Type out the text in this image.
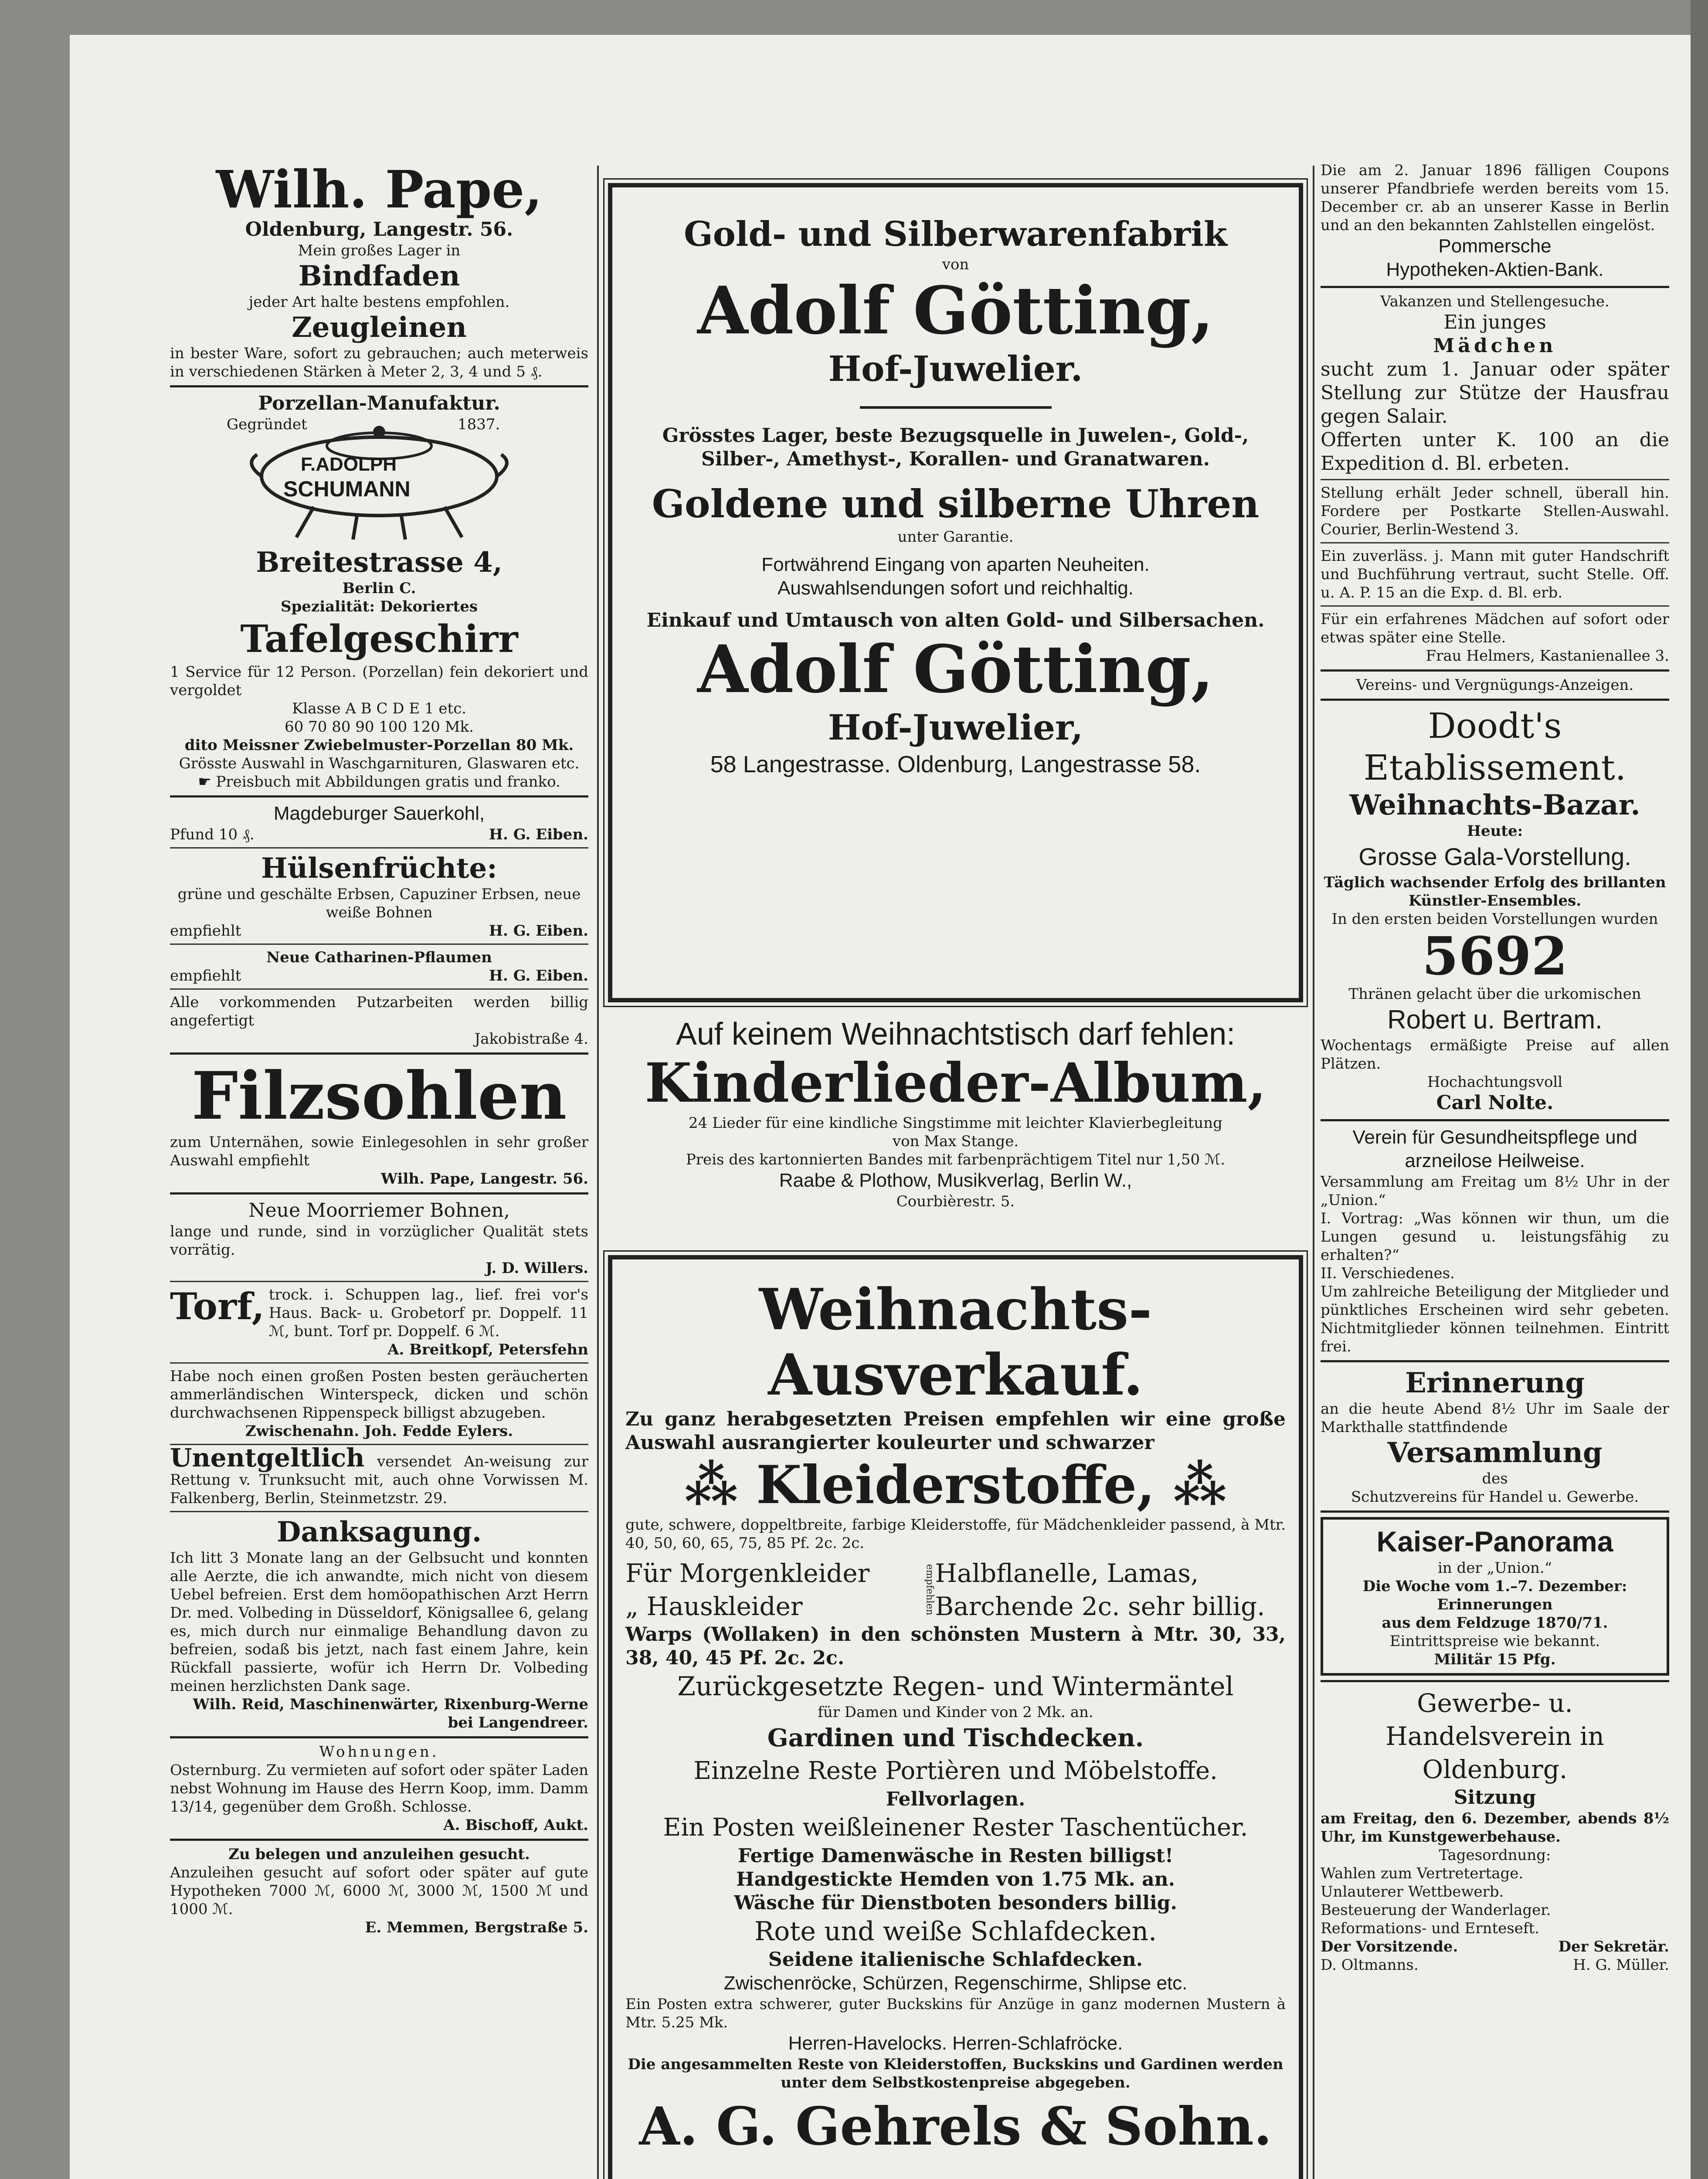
Wilh. Pape,

Oldenburg, Langestr. 56.

Mein großes Lager in

Bindfaden

jeder Art halte bestens empfohlen.

Zeugleinen

in bester Ware, sofort zu gebrauchen; auch meterweis in verschiedenen Stärken à Meter 2, 3, 4 und 5 ₰.

Porzellan-Manufaktur.

Gegründet	1837.
F.ADOLPH
SCHUMANN

Breitestrasse 4,

Berlin C.

Spezialität: Dekoriertes

Tafelgeschirr

1 Service für 12 Person. (Porzellan) fein dekoriert und vergoldet

Klasse A B C D E 1 etc.

60 70 80 90 100 120 Mk.

dito Meissner Zwiebelmuster-Porzellan 80 Mk.

Grösste Auswahl in Waschgarnituren, Glaswaren etc.

☛ Preisbuch mit Abbildungen gratis und franko.

Magdeburger Sauerkohl,

Pfund 10 ₰.	H. G. Eiben.

Hülsenfrüchte:

grüne und geschälte Erbsen, Capuziner Erbsen, neue weiße Bohnen

empfiehlt	H. G. Eiben.

Neue Catharinen-Pflaumen

empfiehlt	H. G. Eiben.

Alle vorkommenden Putzarbeiten werden billig angefertigt

Jakobistraße 4.

Filzsohlen

zum Unternähen, sowie Einlegesohlen in sehr großer Auswahl empfiehlt

Wilh. Pape, Langestr. 56.

Neue Moorriemer Bohnen,

lange und runde, sind in vorzüglicher Qualität stets vorrätig.

J. D. Willers.

Torf, trock. i. Schuppen lag., lief. frei vor's Haus. Back- u. Grobetorf pr. Doppelf. 11 ℳ, bunt. Torf pr. Doppelf. 6 ℳ.

A. Breitkopf, Petersfehn

Habe noch einen großen Posten besten geräucherten ammerländischen Winterspeck, dicken und schön durchwachsenen Rippenspeck billigst abzugeben.

Zwischenahn. Joh. Fedde Eylers.

Unentgeltlich versendet An-weisung zur Rettung v. Trunksucht mit, auch ohne Vorwissen M. Falkenberg, Berlin, Steinmetzstr. 29.

Danksagung.

Ich litt 3 Monate lang an der Gelbsucht und konnten alle Aerzte, die ich anwandte, mich nicht von diesem Uebel befreien. Erst dem homöopathischen Arzt Herrn Dr. med. Volbeding in Düsseldorf, Königsallee 6, gelang es, mich durch nur einmalige Behandlung davon zu befreien, sodaß bis jetzt, nach fast einem Jahre, kein Rückfall passierte, wofür ich Herrn Dr. Volbeding meinen herzlichsten Dank sage.

Wilh. Reid, Maschinenwärter, Rixenburg-Werne bei Langendreer.

Wohnungen.

Osternburg. Zu vermieten auf sofort oder später Laden nebst Wohnung im Hause des Herrn Koop, imm. Damm 13/14, gegenüber dem Großh. Schlosse.

A. Bischoff, Aukt.

Zu belegen und anzuleihen gesucht.

Anzuleihen gesucht auf sofort oder später auf gute Hypotheken 7000 ℳ, 6000 ℳ, 3000 ℳ, 1500 ℳ und 1000 ℳ.

E. Memmen, Bergstraße 5.

Gold- und Silberwarenfabrik

von

Adolf Götting,

Hof-Juwelier.

Grösstes Lager, beste Bezugsquelle in Juwelen-, Gold-, Silber-, Amethyst-, Korallen- und Granatwaren.

Goldene und silberne Uhren

unter Garantie.

Fortwährend Eingang von aparten Neuheiten.

Auswahlsendungen sofort und reichhaltig.

Einkauf und Umtausch von alten Gold- und Silbersachen.

Adolf Götting,

Hof-Juwelier,

58 Langestrasse. Oldenburg, Langestrasse 58.

Auf keinem Weihnachtstisch darf fehlen:

Kinderlieder-Album,

24 Lieder für eine kindliche Singstimme mit leichter Klavierbegleitung

von Max Stange.

Preis des kartonnierten Bandes mit farbenprächtigem Titel nur 1,50 ℳ.

Raabe & Plothow, Musikverlag, Berlin W.,

Courbièrestr. 5.

Weihnachts-Ausverkauf.

Zu ganz herabgesetzten Preisen empfehlen wir eine große Auswahl ausrangierter kouleurter und schwarzer

⁂ Kleiderstoffe, ⁂

gute, schwere, doppeltbreite, farbige Kleiderstoffe, für Mädchenkleider passend, à Mtr. 40, 50, 60, 65, 75, 85 Pf. 2c. 2c.

Für Morgenkleider

„ Hauskleider	empfehlen Halbflanelle, Lamas,

Barchende 2c. sehr billig.

Warps (Wollaken) in den schönsten Mustern à Mtr. 30, 33, 38, 40, 45 Pf. 2c. 2c.

Zurückgesetzte Regen- und Wintermäntel

für Damen und Kinder von 2 Mk. an.

Gardinen und Tischdecken.

Einzelne Reste Portièren und Möbelstoffe.

Fellvorlagen.

Ein Posten weißleinener Rester Taschentücher.

Fertige Damenwäsche in Resten billigst!

Handgestickte Hemden von 1.75 Mk. an.

Wäsche für Dienstboten besonders billig.

Rote und weiße Schlafdecken.

Seidene italienische Schlafdecken.

Zwischenröcke, Schürzen, Regenschirme, Shlipse etc.

Ein Posten extra schwerer, guter Buckskins für Anzüge in ganz modernen Mustern à Mtr. 5.25 Mk.

Herren-Havelocks. Herren-Schlafröcke.

Die angesammelten Reste von Kleiderstoffen, Buckskins und Gardinen werden unter dem Selbstkostenpreise abgegeben.

A. G. Gehrels & Sohn.

Die am 2. Januar 1896 fälligen Coupons unserer Pfandbriefe werden bereits vom 15. December cr. ab an unserer Kasse in Berlin und an den bekannten Zahlstellen eingelöst.

Pommersche

Hypotheken-Aktien-Bank.

Vakanzen und Stellengesuche.

Ein junges

Mädchen

sucht zum 1. Januar oder später Stellung zur Stütze der Hausfrau gegen Salair.

Offerten unter K. 100 an die Expedition d. Bl. erbeten.

Stellung erhält Jeder schnell, überall hin. Fordere per Postkarte Stellen-Auswahl. Courier, Berlin-Westend 3.

Ein zuverläss. j. Mann mit guter Handschrift und Buchführung vertraut, sucht Stelle. Off. u. A. P. 15 an die Exp. d. Bl. erb.

Für ein erfahrenes Mädchen auf sofort oder etwas später eine Stelle.

Frau Helmers, Kastanienallee 3.

Vereins- und Vergnügungs-Anzeigen.

Doodt's Etablissement.

Weihnachts-Bazar.

Heute:

Grosse Gala-Vorstellung.

Täglich wachsender Erfolg des brillanten Künstler-Ensembles.

In den ersten beiden Vorstellungen wurden

5692

Thränen gelacht über die urkomischen

Robert u. Bertram.

Wochentags ermäßigte Preise auf allen Plätzen.

Hochachtungsvoll

Carl Nolte.

Verein für Gesundheitspflege und arzneilose Heilweise.

Versammlung am Freitag um 8½ Uhr in der „Union.“

I. Vortrag: „Was können wir thun, um die Lungen gesund u. leistungsfähig zu erhalten?“

II. Verschiedenes.

Um zahlreiche Beteiligung der Mitglieder und pünktliches Erscheinen wird sehr gebeten. Nichtmitglieder können teilnehmen. Eintritt frei.

Erinnerung

an die heute Abend 8½ Uhr im Saale der Markthalle stattfindende

Versammlung

des

Schutzvereins für Handel u. Gewerbe.

Kaiser-Panorama

in der „Union.“

Die Woche vom 1.–7. Dezember:

Erinnerungen

aus dem Feldzuge 1870/71.

Eintrittspreise wie bekannt.

Militär 15 Pfg.

Gewerbe- u. Handelsverein in Oldenburg.

Sitzung

am Freitag, den 6. Dezember, abends 8½ Uhr, im Kunstgewerbehause.

Tagesordnung:

Wahlen zum Vertretertage.

Unlauterer Wettbewerb.

Besteuerung der Wanderlager.

Reformations- und Ernteseft.

Der Vorsitzende.	Der Sekretär.

D. Oltmanns.	H. G. Müller.
